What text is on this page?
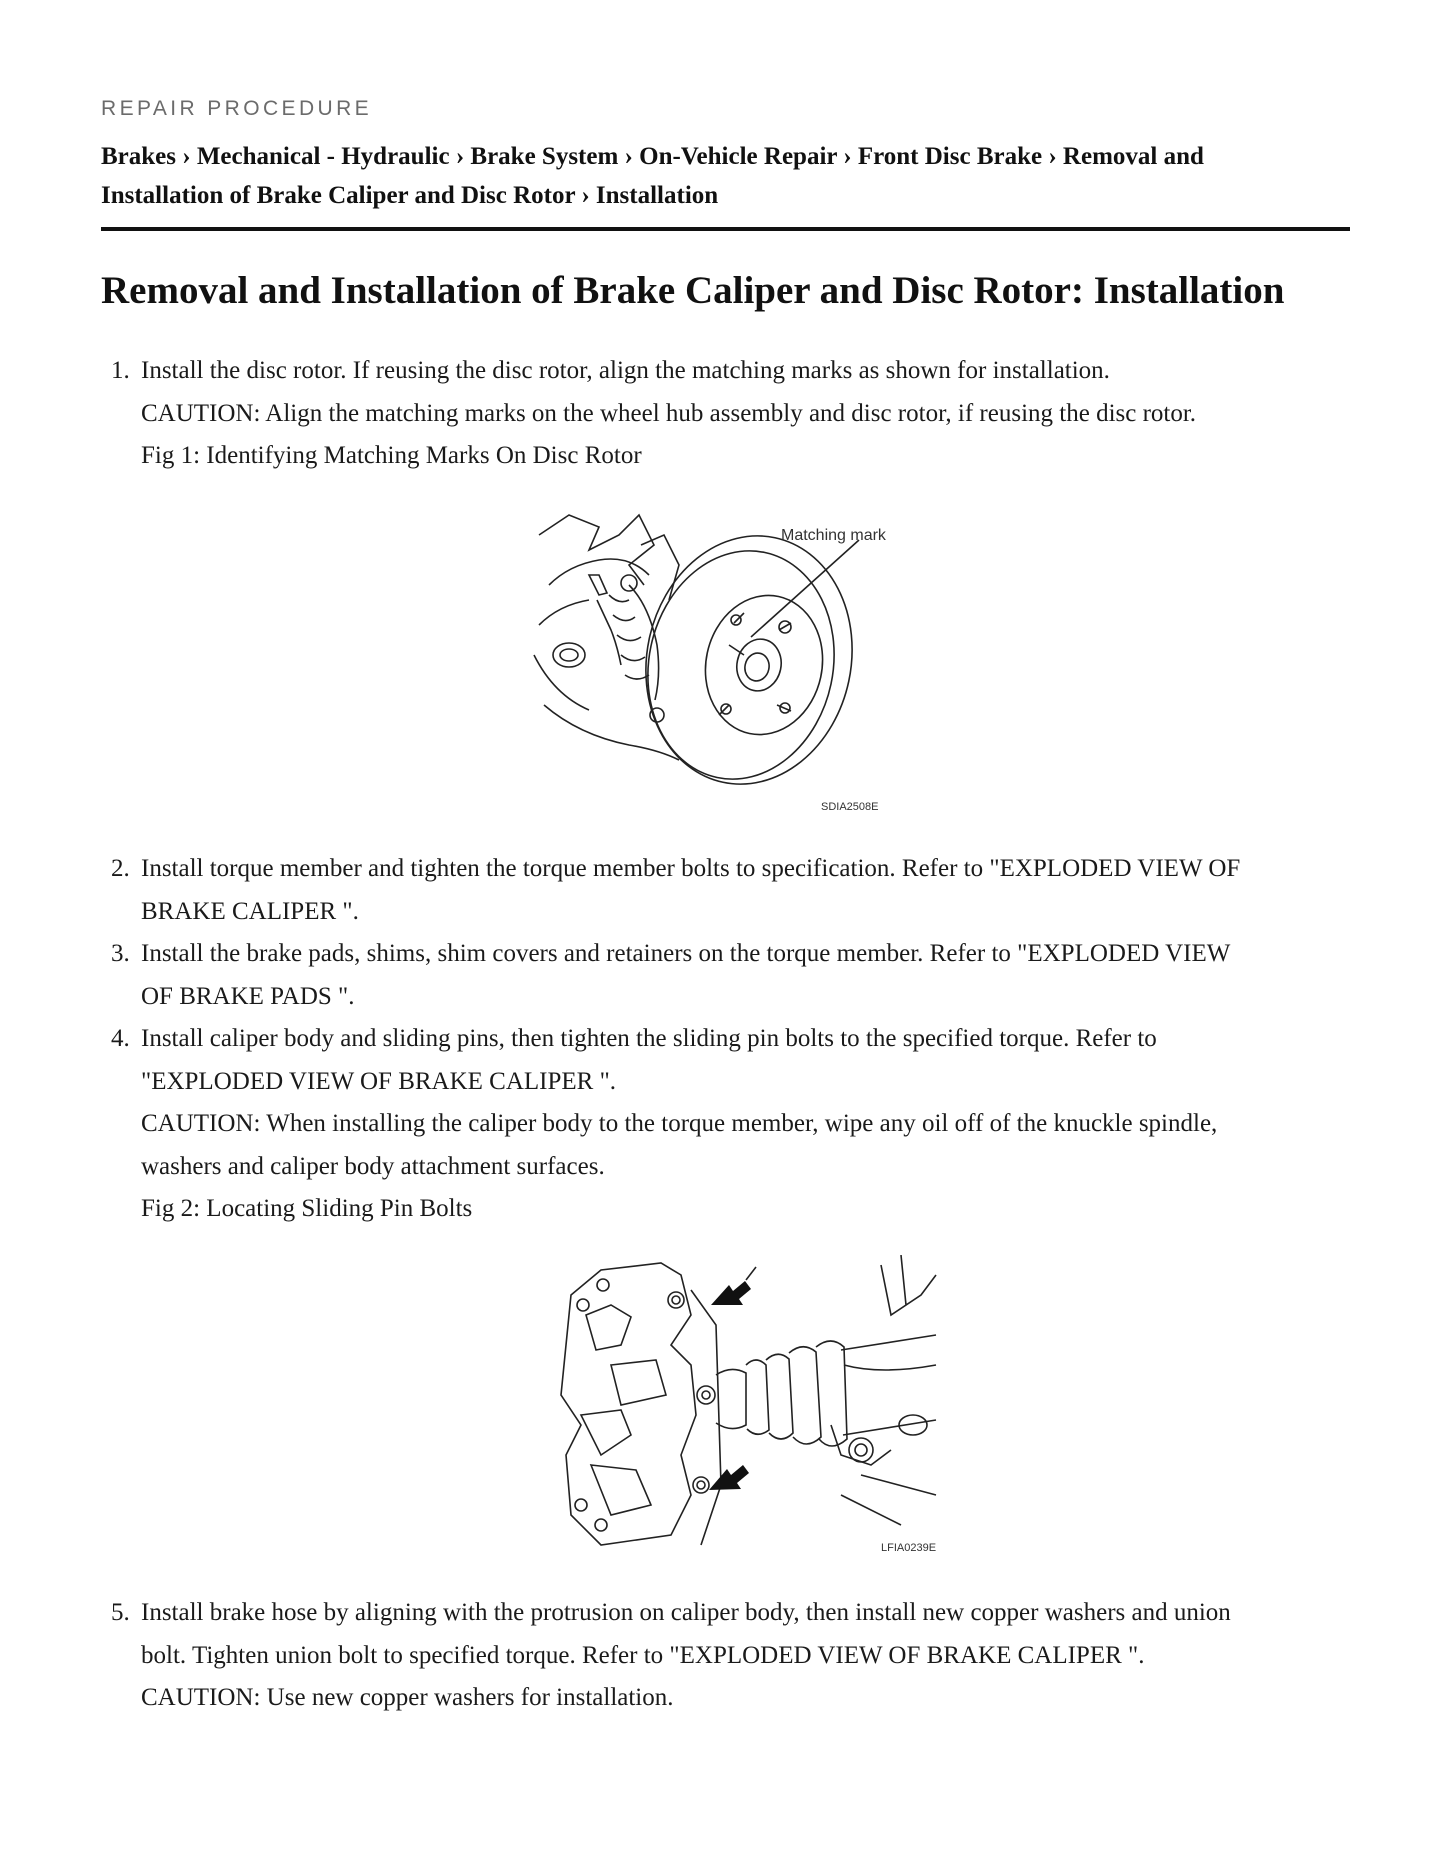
REPAIR PROCEDURE
Brakes › Mechanical - Hydraulic › Brake System › On-Vehicle Repair › Front Disc Brake › Removal and
Installation of Brake Caliper and Disc Rotor › Installation
Removal and Installation of Brake Caliper and Disc Rotor: Installation
1. Install the disc rotor. If reusing the disc rotor, align the matching marks as shown for installation.
CAUTION: Align the matching marks on the wheel hub assembly and disc rotor, if reusing the disc rotor.
Fig 1: Identifying Matching Marks On Disc Rotor
Matching mark
SDIA2508E
2. Install torque member and tighten the torque member bolts to specification. Refer to "EXPLODED VIEW OF
BRAKE CALIPER ".
3. Install the brake pads, shims, shim covers and retainers on the torque member. Refer to "EXPLODED VIEW
OF BRAKE PADS ".
4. Install caliper body and sliding pins, then tighten the sliding pin bolts to the specified torque. Refer to
"EXPLODED VIEW OF BRAKE CALIPER ".
CAUTION: When installing the caliper body to the torque member, wipe any oil off of the knuckle spindle,
washers and caliper body attachment surfaces.
Fig 2: Locating Sliding Pin Bolts
LFIA0239E
5. Install brake hose by aligning with the protrusion on caliper body, then install new copper washers and union
bolt. Tighten union bolt to specified torque. Refer to "EXPLODED VIEW OF BRAKE CALIPER ".
CAUTION: Use new copper washers for installation.
